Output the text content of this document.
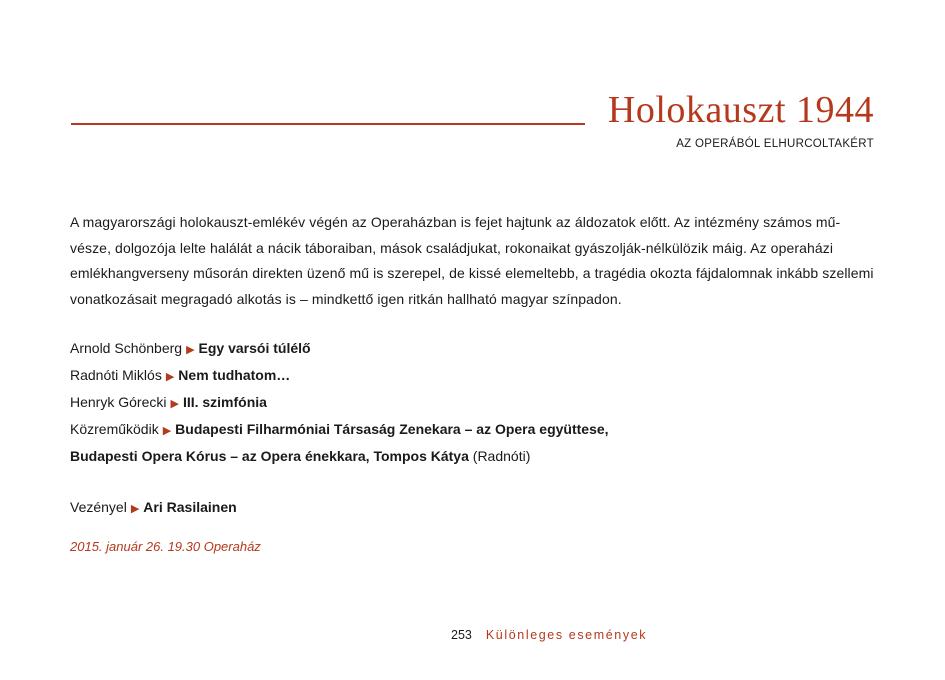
Holokauszt 1944
AZ OPERÁBÓL ELHURCOLTAKÉRT

A magyarországi holokauszt-emlékév végén az Operaházban is fejet hajtunk az áldozatok előtt. Az intézmény számos mű-vésze, dolgozója lelte halálát a nácik táboraiban, mások családjukat, rokonaikat gyászolják-nélkülözik máig. Az operaházi emlékhangverseny műsorán direkten üzenő mű is szerepel, de kissé elemeltebb, a tragédia okozta fájdalomnak inkább szellemi vonatkozásait megragadó alkotás is – mindkettő igen ritkán hallható magyar színpadon.

Arnold Schönberg ▶ Egy varsói túlélő
Radnóti Miklós ▶ Nem tudhatom…
Henryk Górecki ▶ III. szimfónia
Közreműködik ▶ Budapesti Filharmóniai Társaság Zenekara – az Opera együttese,
Budapesti Opera Kórus – az Opera énekkara, Tompos Kátya (Radnóti)
Vezényel ▶ Ari Rasilainen
2015. január 26. 19.30 Operaház
253 Különleges események
